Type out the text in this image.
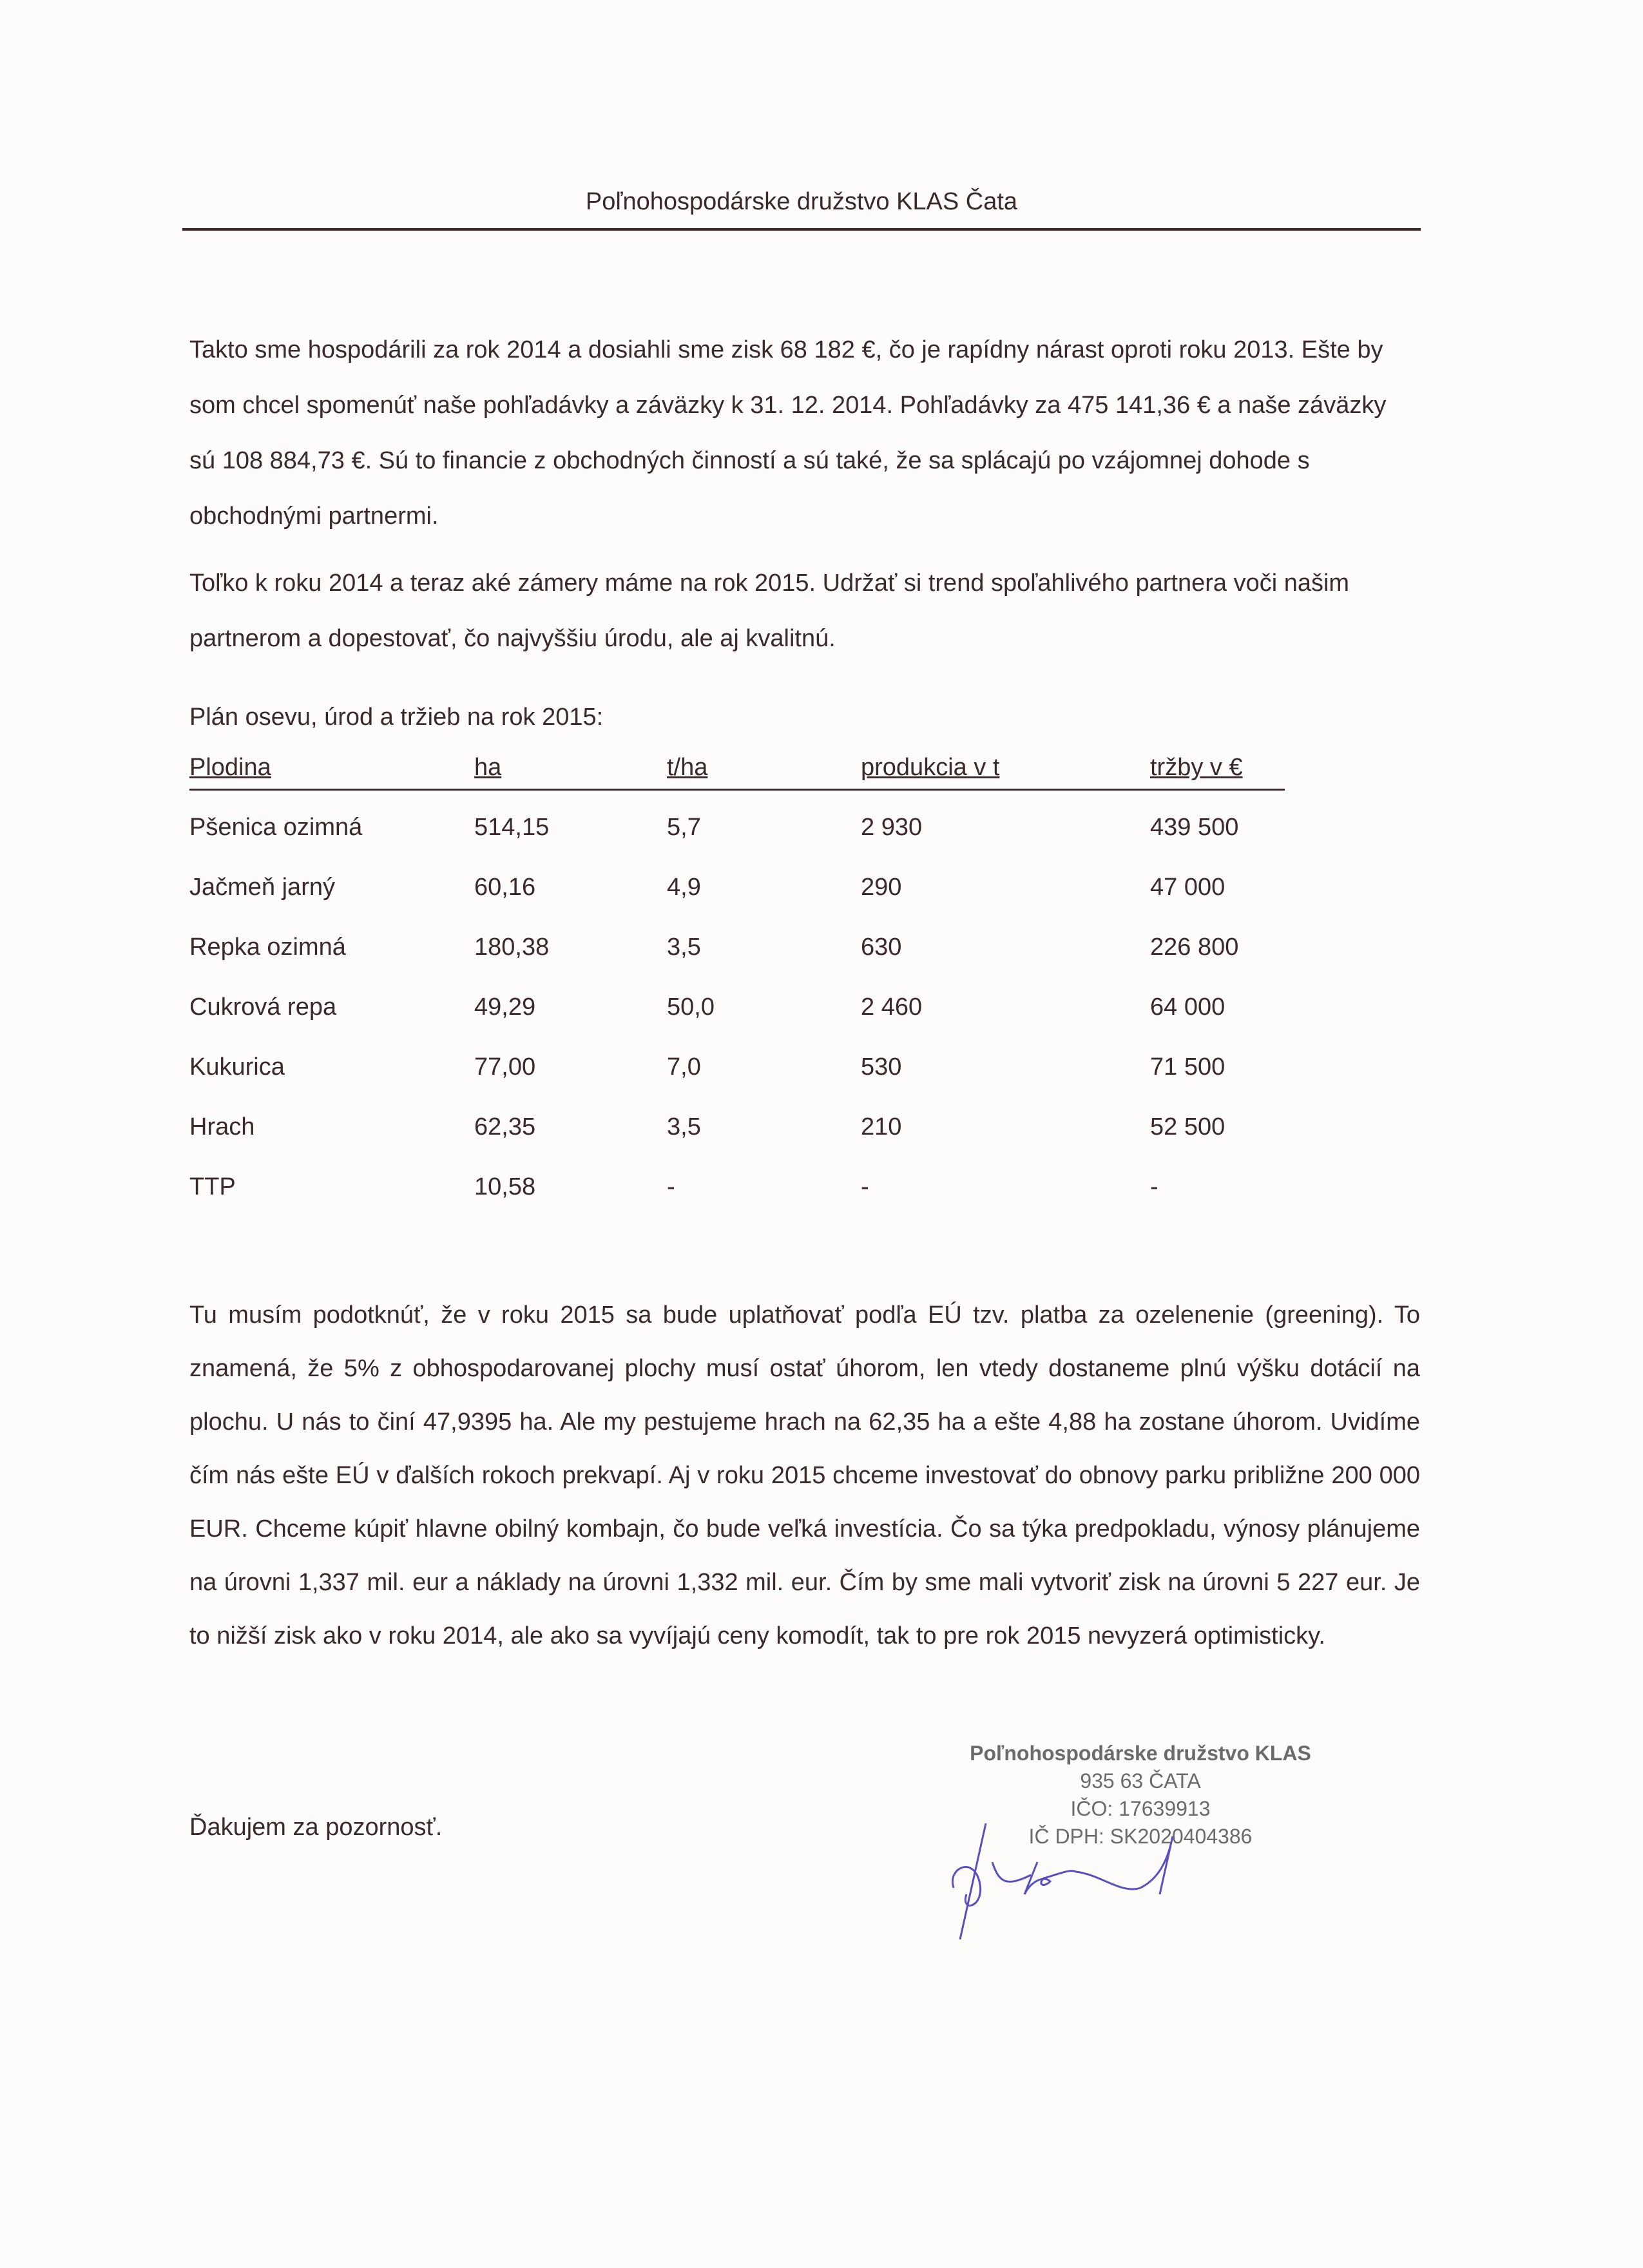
Poľnohospodárske družstvo KLAS Čata
Takto sme hospodárili za rok 2014 a dosiahli sme zisk 68 182 €, čo je rapídny nárast oproti roku 2013. Ešte by som chcel spomenúť naše pohľadávky a záväzky k 31. 12. 2014. Pohľadávky za 475 141,36 € a naše záväzky sú 108 884,73 €. Sú to financie z obchodných činností a sú také, že sa splácajú po vzájomnej dohode s obchodnými partnermi.
Toľko k roku 2014 a teraz aké zámery máme na rok 2015. Udržať si trend spoľahlivého partnera voči našim partnerom a dopestovať, čo najvyššiu úrodu, ale aj kvalitnú.
Plán osevu, úrod a tržieb na rok 2015:
Plodina	ha	t/ha	produkcia v t	tržby v €
Pšenica ozimná	514,15	5,7	2 930	439 500
Jačmeň jarný	60,16	4,9	290	47 000
Repka ozimná	180,38	3,5	630	226 800
Cukrová repa	49,29	50,0	2 460	64 000
Kukurica	77,00	7,0	530	71 500
Hrach	62,35	3,5	210	52 500
TTP	10,58	-	-	-
Tu musím podotknúť, že v roku 2015 sa bude uplatňovať podľa EÚ tzv. platba za ozelenenie (greening). To znamená, že 5% z obhospodarovanej plochy musí ostať úhorom, len vtedy dostaneme plnú výšku dotácií na plochu. U nás to činí 47,9395 ha. Ale my pestujeme hrach na 62,35 ha a ešte 4,88 ha zostane úhorom. Uvidíme čím nás ešte EÚ v ďalších rokoch prekvapí. Aj v roku 2015 chceme investovať do obnovy parku približne 200 000 EUR. Chceme kúpiť hlavne obilný kombajn, čo bude veľká investícia. Čo sa týka predpokladu, výnosy plánujeme na úrovni 1,337 mil. eur a náklady na úrovni 1,332 mil. eur. Čím by sme mali vytvoriť zisk na úrovni 5 227 eur. Je to nižší zisk ako v roku 2014, ale ako sa vyvíjajú ceny komodít, tak to pre rok 2015 nevyzerá optimisticky.
Ďakujem za pozornosť.
Poľnohospodárske družstvo KLAS
935 63 ČATA
IČO: 17639913
IČ DPH: SK2020404386
